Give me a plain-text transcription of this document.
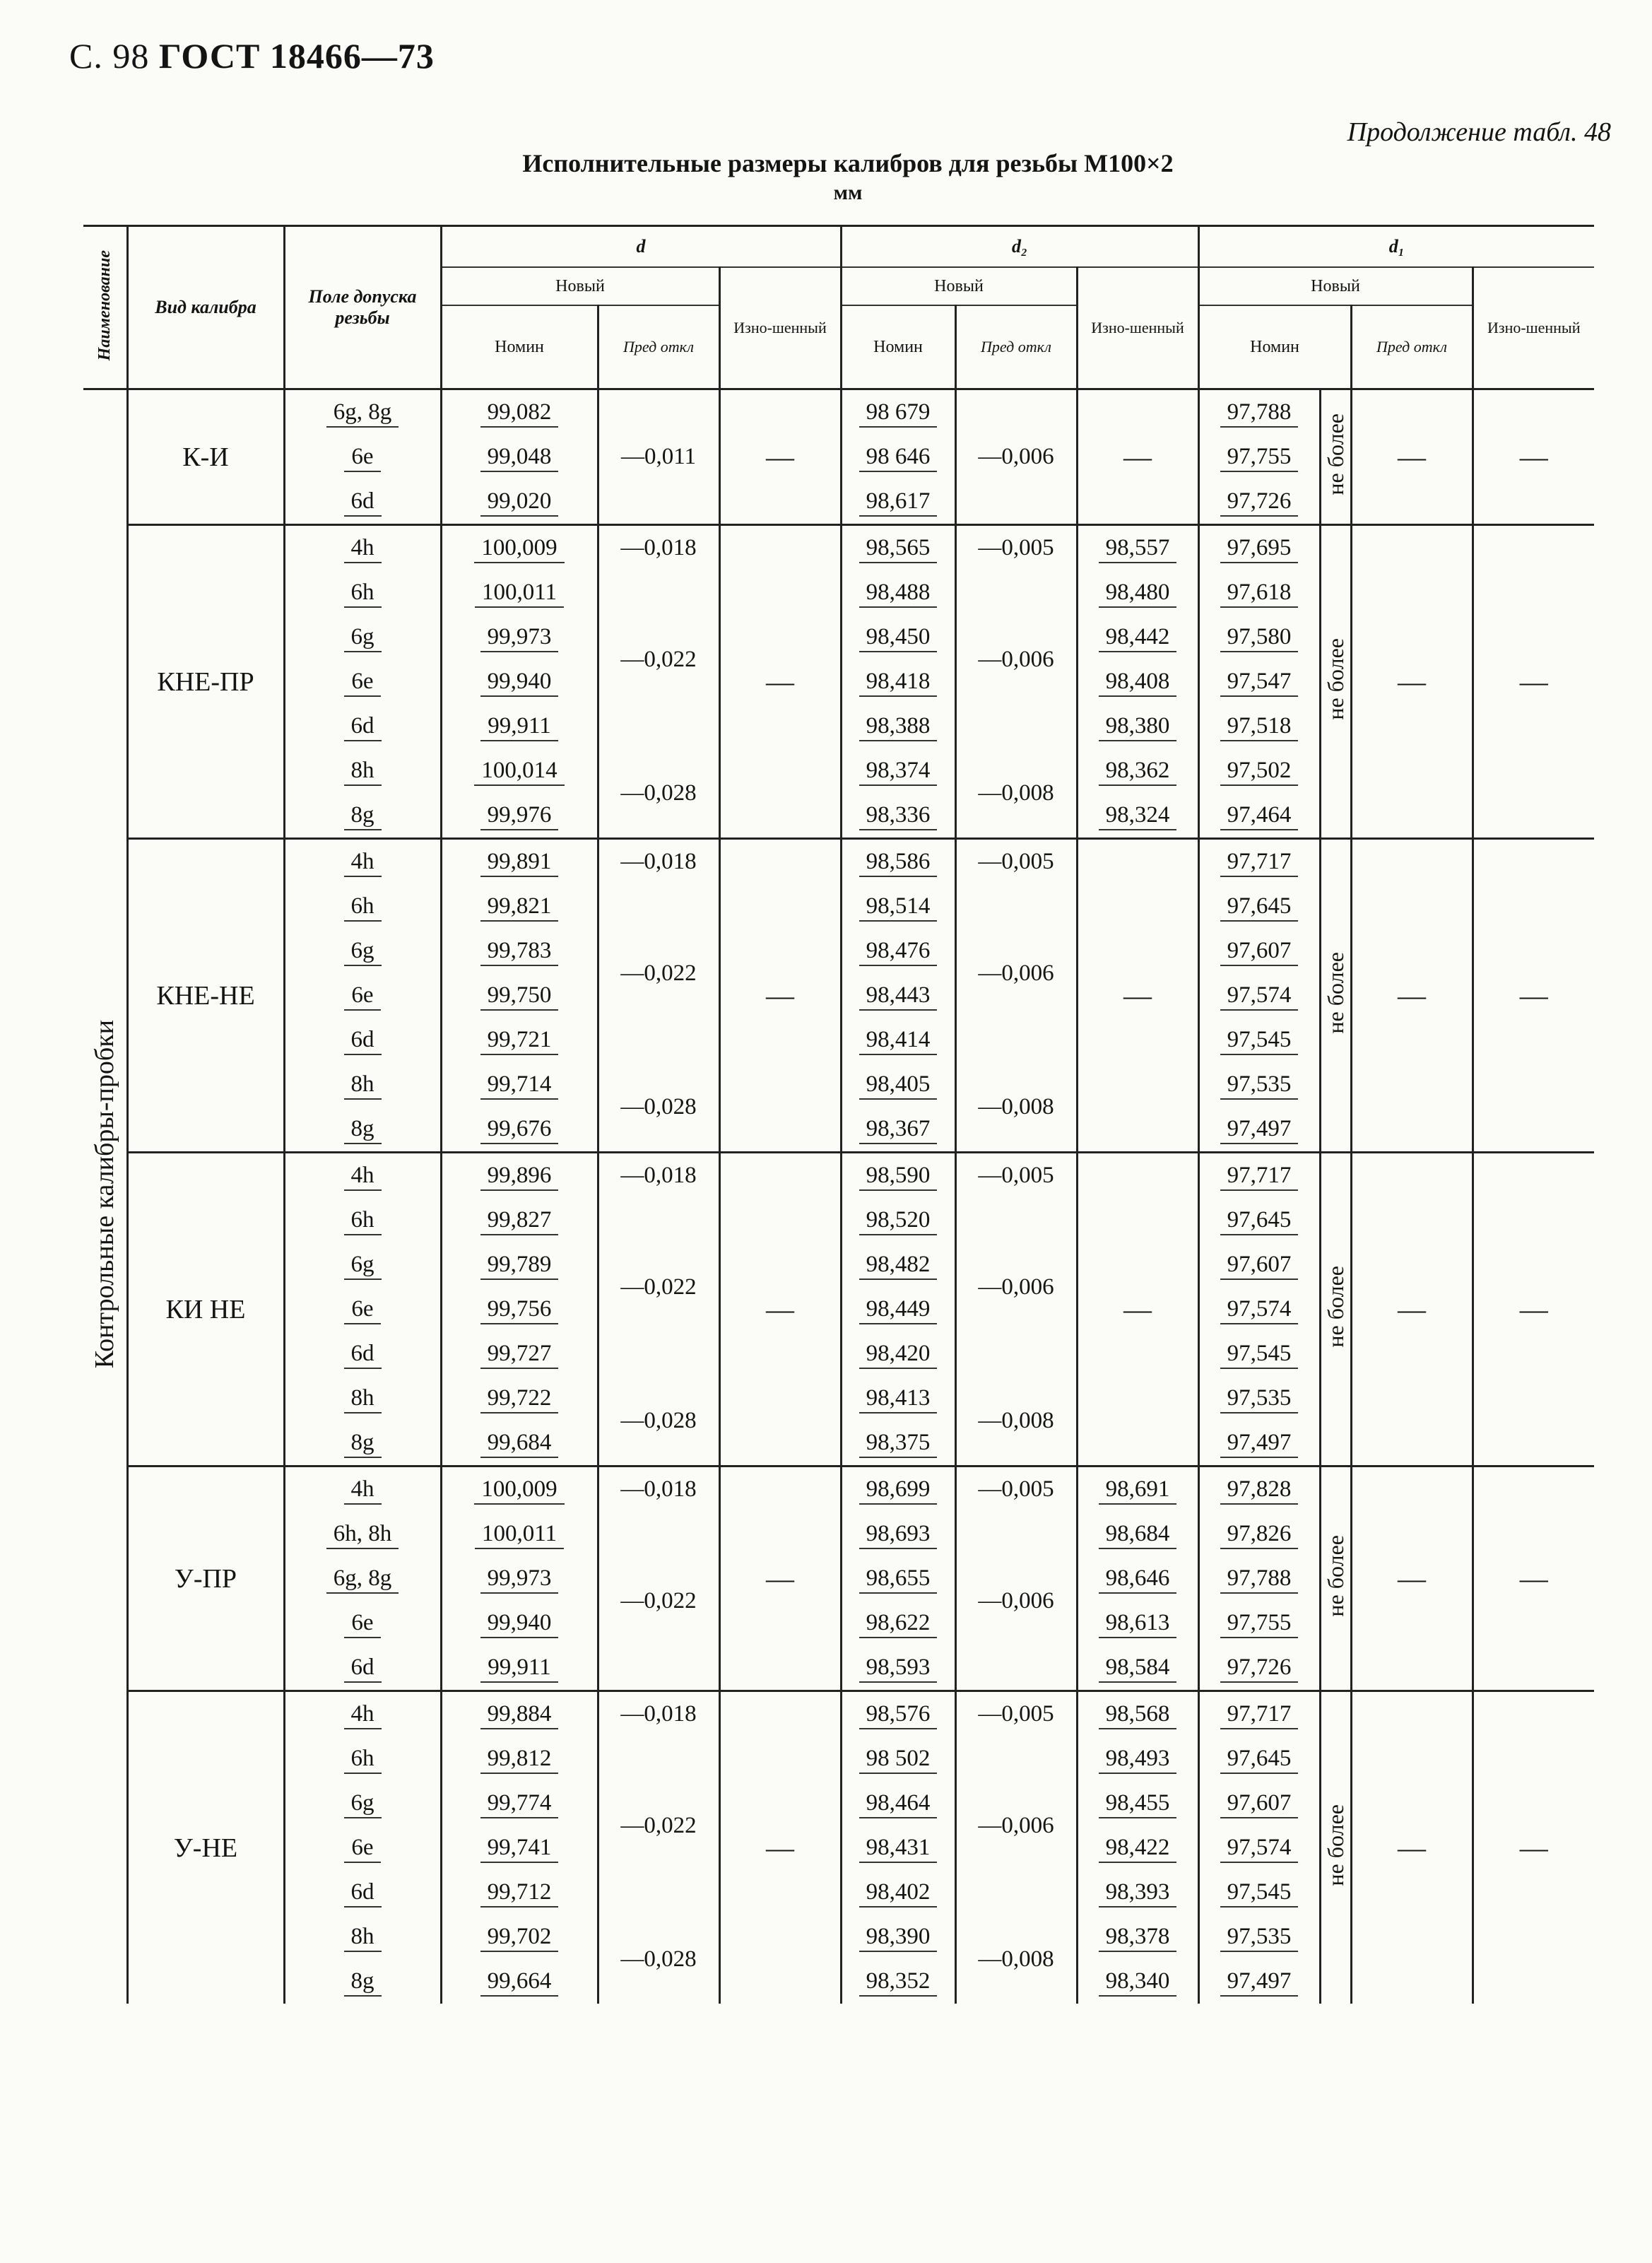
С. 98 ГОСТ 18466—73
Продолжение табл. 48
Исполнительные размеры калибров для резьбы М100×2
мм
Наименование	Вид калибра	Поле допуска резьбы	d			d₂			d₁			
			Новый		Изно-шенный	Новый		Изно-шенный	Новый			Изно-шенный
			Номин	Пред откл		Номин	Пред откл		Номин		Пред откл	
Контрольные калибры-пробки	К-И	6g, 8g	99,082	—0,011	—	98 679	—0,006	—	97,788	не более	—	—
		6e	99,048			98 646			97,755			
		6d	99,020			98,617			97,726			
	КНЕ-ПР	4h	100,009	—0,018	—	98,565	—0,005	98,557	97,695	не более	—	—
		6h	100,011	—0,022		98,488	—0,006	98,480	97,618			
		6g	99,973			98,450		98,442	97,580			
		6e	99,940			98,418		98,408	97,547			
		6d	99,911			98,388		98,380	97,518			
		8h	100,014	—0,028		98,374	—0,008	98,362	97,502			
		8g	99,976			98,336		98,324	97,464			
	КНЕ-НЕ	4h	99,891	—0,018	—	98,586	—0,005	—	97,717	не более	—	—
		6h	99,821	—0,022		98,514	—0,006		97,645			
		6g	99,783			98,476			97,607			
		6e	99,750			98,443			97,574			
		6d	99,721			98,414			97,545			
		8h	99,714	—0,028		98,405	—0,008		97,535			
		8g	99,676			98,367			97,497			
	КИ НЕ	4h	99,896	—0,018	—	98,590	—0,005	—	97,717	не более	—	—
		6h	99,827	—0,022		98,520	—0,006		97,645			
		6g	99,789			98,482			97,607			
		6e	99,756			98,449			97,574			
		6d	99,727			98,420			97,545			
		8h	99,722	—0,028		98,413	—0,008		97,535			
		8g	99,684			98,375			97,497			
	У-ПР	4h	100,009	—0,018	—	98,699	—0,005	98,691	97,828	не более	—	—
		6h, 8h	100,011	—0,022		98,693	—0,006	98,684	97,826			
		6g, 8g	99,973			98,655		98,646	97,788			
		6e	99,940			98,622		98,613	97,755			
		6d	99,911			98,593		98,584	97,726			
	У-НЕ	4h	99,884	—0,018	—	98,576	—0,005	98,568	97,717	не более	—	—
		6h	99,812	—0,022		98 502	—0,006	98,493	97,645			
		6g	99,774			98,464		98,455	97,607			
		6e	99,741			98,431		98,422	97,574			
		6d	99,712			98,402		98,393	97,545			
		8h	99,702	—0,028		98,390	—0,008	98,378	97,535			
		8g	99,664			98,352		98,340	97,497			
